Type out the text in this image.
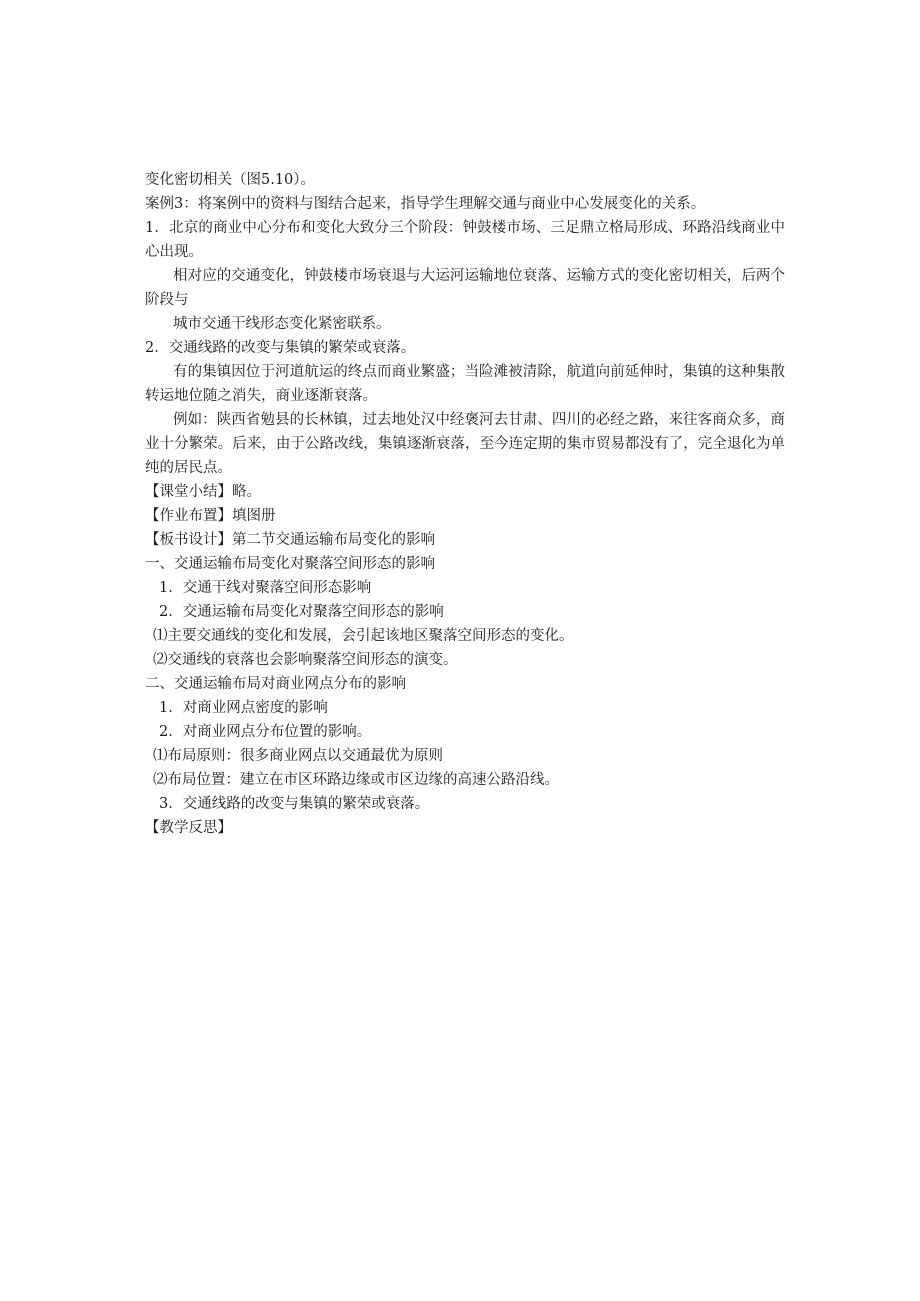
变化密切相关（图5.10）。
案例3：将案例中的资料与图结合起来，指导学生理解交通与商业中心发展变化的关系。
1．北京的商业中心分布和变化大致分三个阶段：钟鼓楼市场、三足鼎立格局形成、环路沿线商业中心出现。
相对应的交通变化，钟鼓楼市场衰退与大运河运输地位衰落、运输方式的变化密切相关，后两个阶段与
城市交通干线形态变化紧密联系。
2．交通线路的改变与集镇的繁荣或衰落。
有的集镇因位于河道航运的终点而商业繁盛；当险滩被清除，航道向前延伸时，集镇的这种集散转运地位随之消失，商业逐渐衰落。
例如：陕西省勉县的长林镇，过去地处汉中经褒河去甘肃、四川的必经之路，来往客商众多，商业十分繁荣。后来，由于公路改线，集镇逐渐衰落，至今连定期的集市贸易都没有了，完全退化为单纯的居民点。
【课堂小结】略。
【作业布置】填图册
【板书设计】第二节交通运输布局变化的影响
一、交通运输布局变化对聚落空间形态的影响
1．交通干线对聚落空间形态影响
2．交通运输布局变化对聚落空间形态的影响
⑴主要交通线的变化和发展，会引起该地区聚落空间形态的变化。
⑵交通线的衰落也会影响聚落空间形态的演变。
二、交通运输布局对商业网点分布的影响
1．对商业网点密度的影响
2．对商业网点分布位置的影响。
⑴布局原则：很多商业网点以交通最优为原则
⑵布局位置：建立在市区环路边缘或市区边缘的高速公路沿线。
3．交通线路的改变与集镇的繁荣或衰落。
【教学反思】
